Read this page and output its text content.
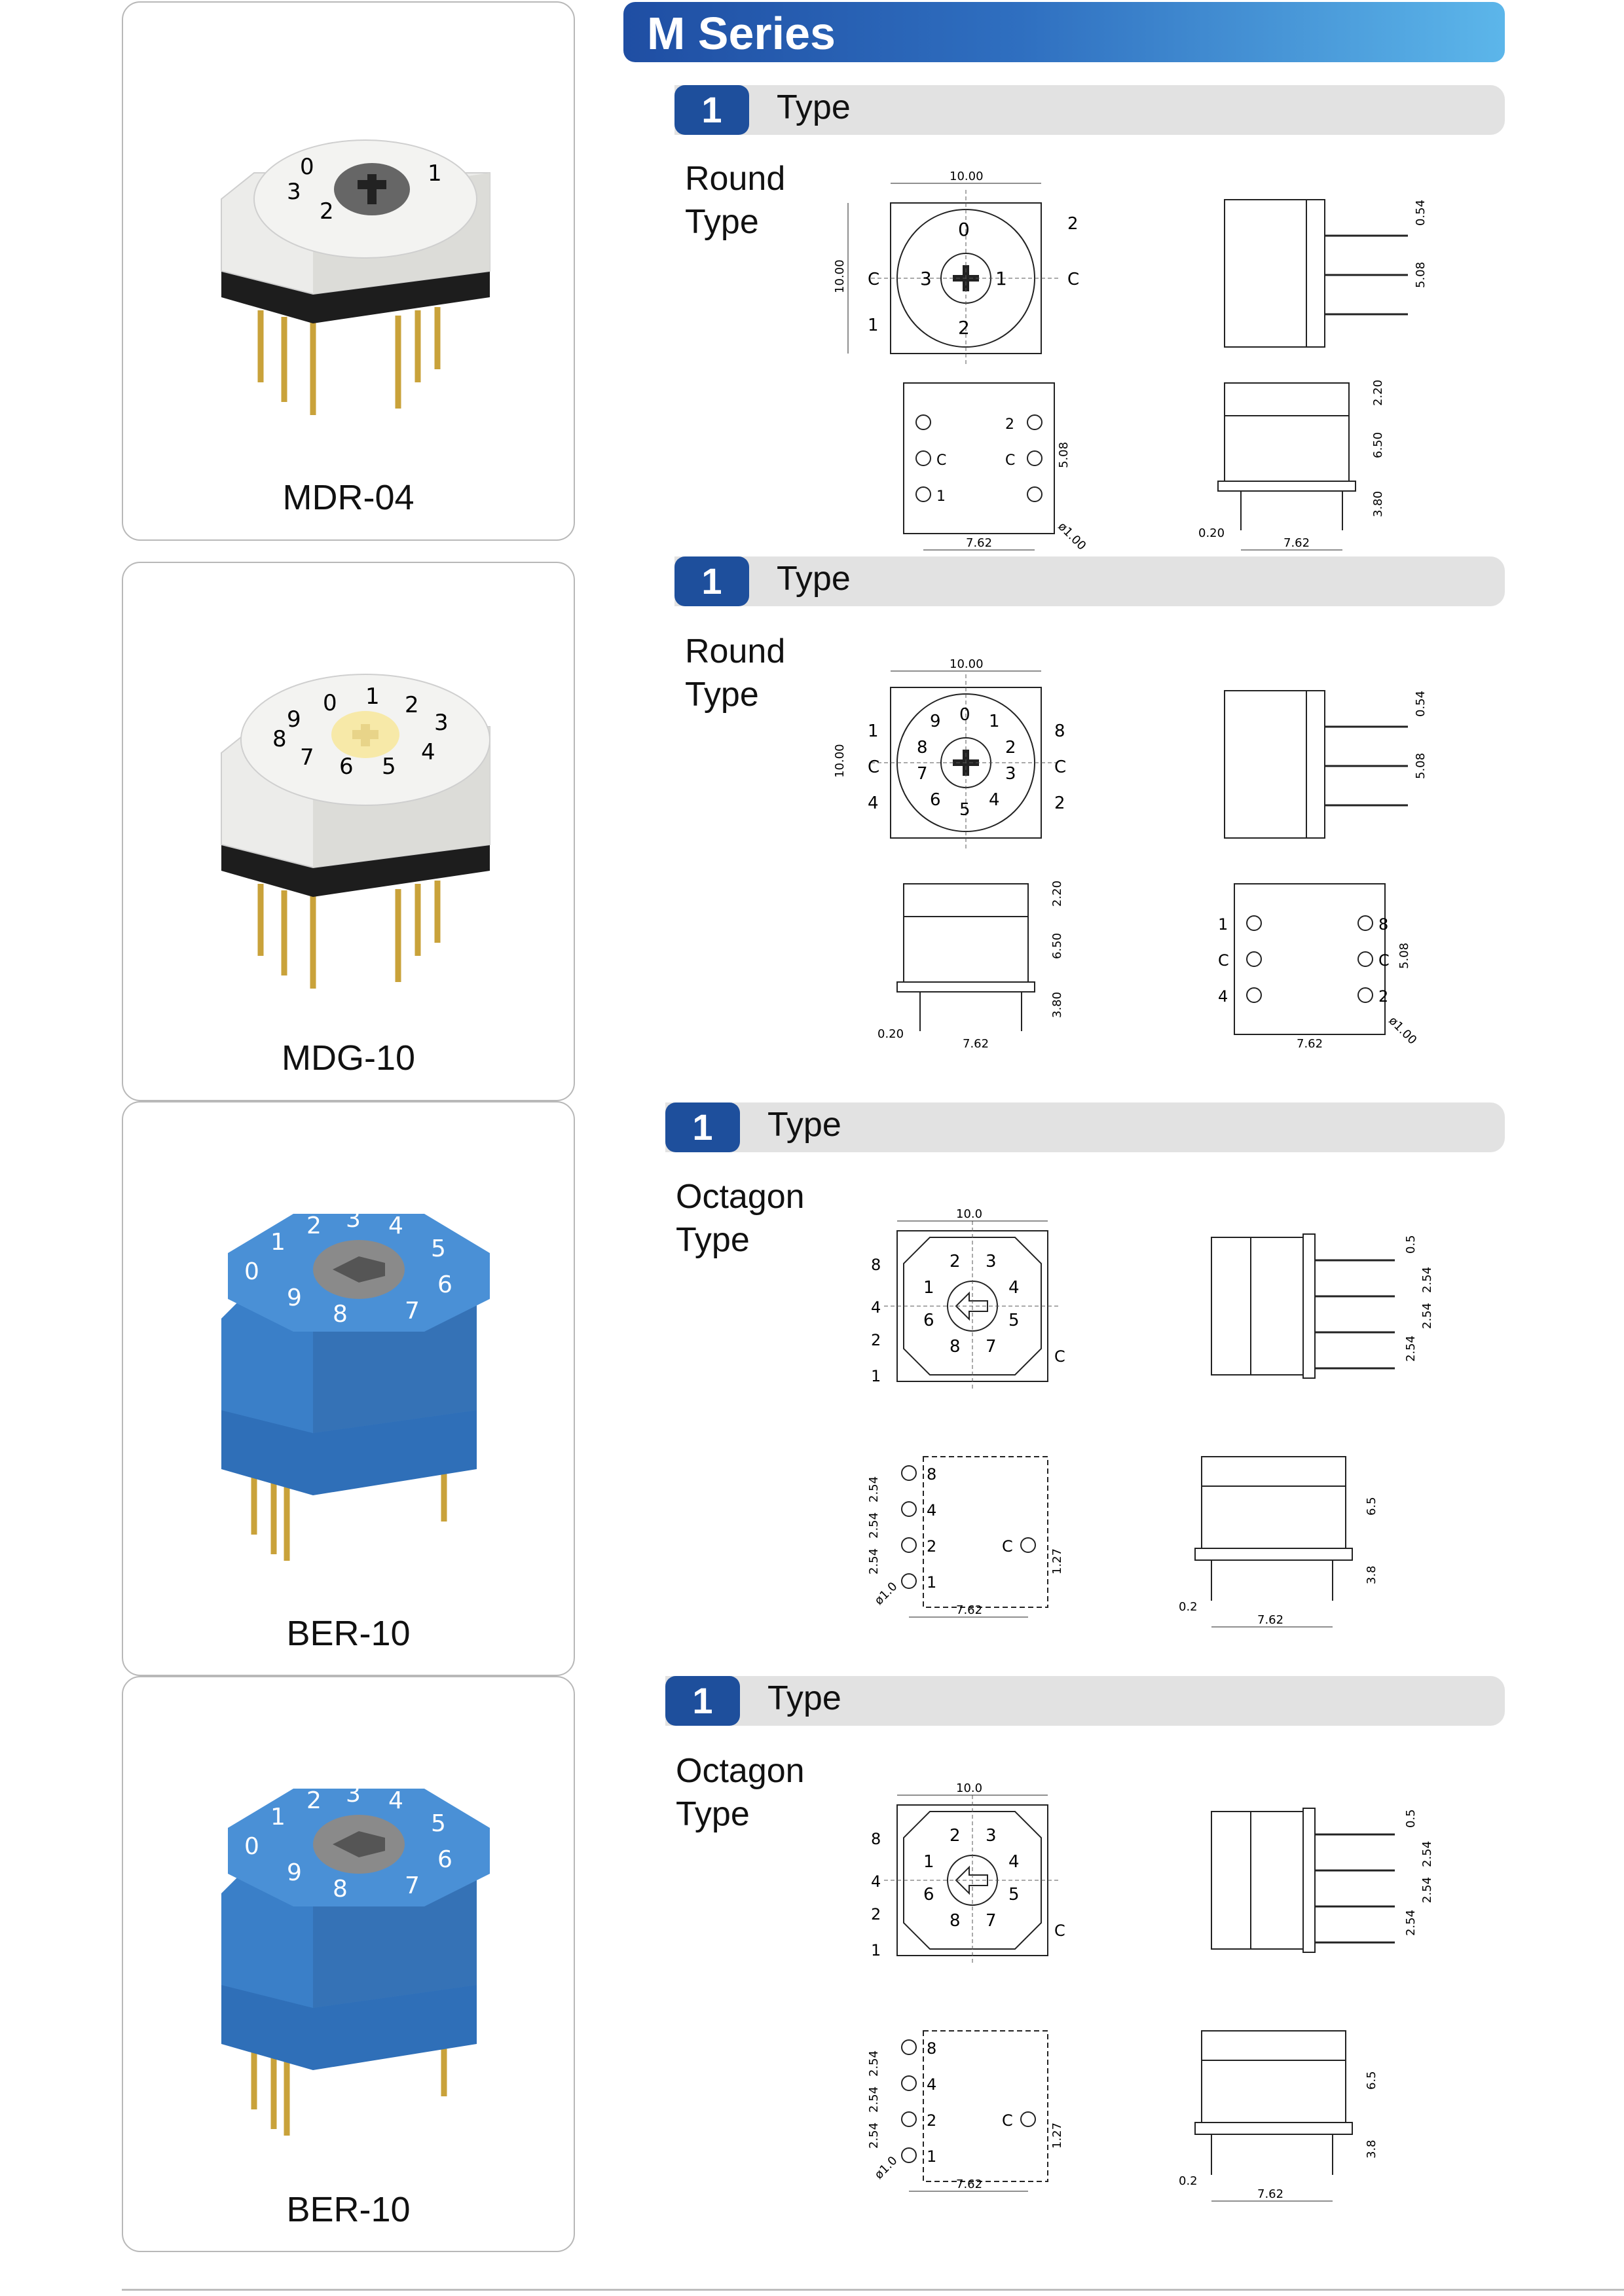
M Series
0	1
3
2
MDR-04
1	Type
Round
Type	0
3	1
2
2
C
C
1
10.00
10.00
0.54
5.08
C
1
2
C	5.08
ø1.00
7.62
2.20
6.50
3.80
0.20
7.62
9
0 1 2
3
4
5
6
7
8
MDG-10
1	Type
Round
Type
0 1
2
3
4
5
6
7
8
9
1
C
4
8
C
2
10.00
10.00
0.54
5.08
2.20
6.50
3.80
0.20
7.62
1
C
4
8
C
2
5.08
ø1.00
7.62
0
1
2 3 4
5
6
7
8
9
BER-10
1	Type
Octagon
Type
2 3
4
5
7
8
6
1
8
4
2
1
C
10.0
0.5
2.54
2.54
2.54
8
4
2
1
C
2.54
2.54
2.54	1.27
ø1.0
7.62
6.5
3.8
0.2
7.62
0
1
2 3 4
5
6
7
8
9
BER-10
1	Type
Octagon
Type
2 3
4
5
7
8
6
1
8
4
2
1
C
10.0
0.5
2.54
2.54
2.54
8
4
2
1
C
2.54
2.54
2.54	1.27
ø1.0
7.62
6.5
3.8
0.2
7.62
